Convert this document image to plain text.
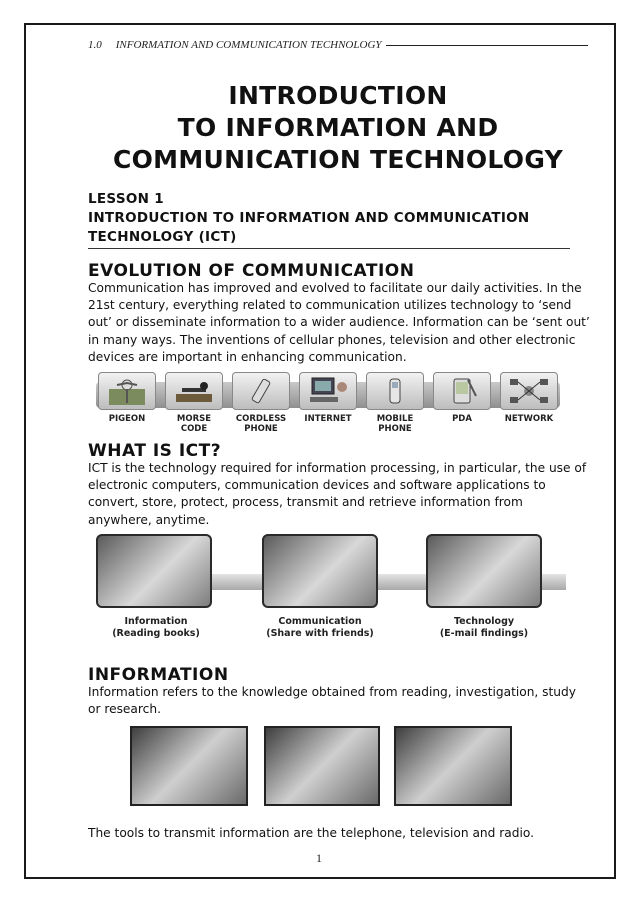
1.0 INFORMATION AND COMMUNICATION TECHNOLOGY
INTRODUCTION
TO INFORMATION AND
COMMUNICATION TECHNOLOGY
LESSON 1
INTRODUCTION TO INFORMATION AND COMMUNICATION
TECHNOLOGY (ICT)
EVOLUTION OF COMMUNICATION
Communication has improved and evolved to facilitate our daily activities. In the 21st century, everything related to communication utilizes technology to ‘send out’ or disseminate information to a wider audience. Information can be ‘sent out’ in many ways. The inventions of cellular phones, television and other electronic devices are important in enhancing communication.
PIGEON	MORSE CODE
CORDLESS PHONE
INTERNET	MOBILE PHONE
PDA	NETWORK
WHAT IS ICT?
ICT is the technology required for information processing, in particular, the use of electronic computers, communication devices and software applications to convert, store, protect, process, transmit and retrieve information from anywhere, anytime.
Information
(Reading books)
Communication
(Share with friends)
Technology
(E-mail findings)
INFORMATION
Information refers to the knowledge obtained from reading, investigation, study or research.
The tools to transmit information are the telephone, television and radio.
1
